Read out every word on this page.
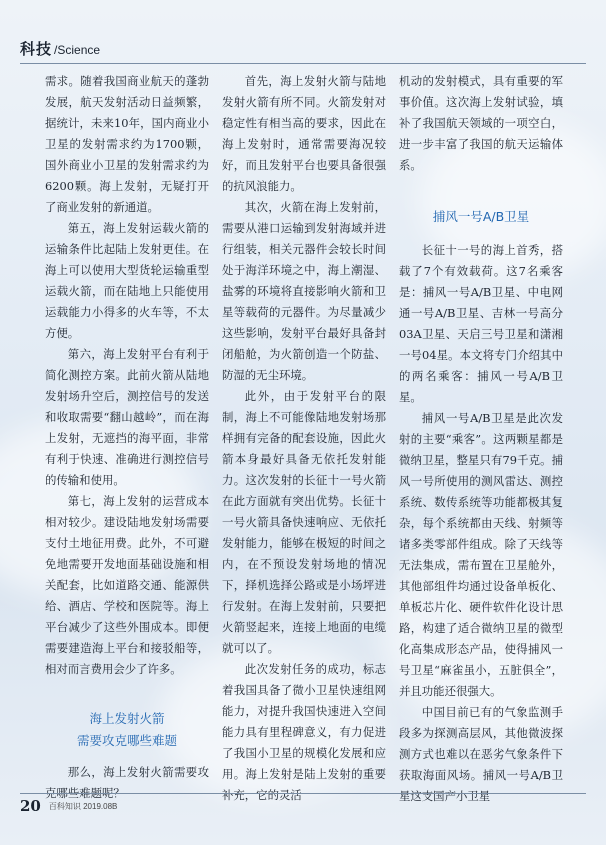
科技 /Science

需求。随着我国商业航天的蓬勃发展，航天发射活动日益频繁，据统计，未来10年，国内商业小卫星的发射需求约为1700颗，国外商业小卫星的发射需求约为6200颗。海上发射，无疑打开了商业发射的新通道。

第五，海上发射运载火箭的运输条件比起陆上发射更佳。在海上可以使用大型货轮运输重型运载火箭，而在陆地上只能使用运载能力小得多的火车等，不太方便。

第六，海上发射平台有利于简化测控方案。此前火箭从陆地发射场升空后，测控信号的发送和收取需要“翻山越岭”，而在海上发射，无遮挡的海平面，非常有利于快速、准确进行测控信号的传输和使用。

第七，海上发射的运营成本相对较少。建设陆地发射场需要支付土地征用费。此外，不可避免地需要开发地面基础设施和相关配套，比如道路交通、能源供给、酒店、学校和医院等。海上平台减少了这些外围成本。即便需要建造海上平台和接驳船等，相对而言费用会少了许多。

海上发射火箭
需要攻克哪些难题

那么，海上发射火箭需要攻克哪些难题呢？

首先，海上发射火箭与陆地发射火箭有所不同。火箭发射对稳定性有相当高的要求，因此在海上发射时，通常需要海况较好，而且发射平台也要具备很强的抗风浪能力。

其次，火箭在海上发射前，需要从港口运输到发射海域并进行组装，相关元器件会较长时间处于海洋环境之中，海上潮湿、盐雾的环境将直接影响火箭和卫星等载荷的元器件。为尽量减少这些影响，发射平台最好具备封闭船舱，为火箭创造一个防盐、防湿的无尘环境。

此外，由于发射平台的限制，海上不可能像陆地发射场那样拥有完备的配套设施，因此火箭本身最好具备无依托发射能力。这次发射的长征十一号火箭在此方面就有突出优势。长征十一号火箭具备快速响应、无依托发射能力，能够在极短的时间之内，在不预设发射场地的情况下，择机选择公路或是小场坪进行发射。在海上发射前，只要把火箭竖起来，连接上地面的电缆就可以了。

此次发射任务的成功，标志着我国具备了微小卫星快速组网能力，对提升我国快速进入空间能力具有里程碑意义，有力促进了我国小卫星的规模化发展和应用。海上发射是陆上发射的重要补充，它的灵活

机动的发射模式，具有重要的军事价值。这次海上发射试验，填补了我国航天领域的一项空白，进一步丰富了我国的航天运输体系。

捕风一号A/B卫星

长征十一号的海上首秀，搭载了7个有效载荷。这7名乘客是：捕风一号A/B卫星、中电网通一号A/B卫星、吉林一号高分03A卫星、天启三号卫星和潇湘一号04星。本文将专门介绍其中的两名乘客：捕风一号A/B卫星。

捕风一号A/B卫星是此次发射的主要“乘客”。这两颗星都是微纳卫星，整星只有79千克。捕风一号所使用的测风雷达、测控系统、数传系统等功能都极其复杂，每个系统都由天线、射频等诸多类零部件组成。除了天线等无法集成，需布置在卫星舱外，其他部组件均通过设备单板化、单板芯片化、硬件软件化设计思路，构建了适合微纳卫星的微型化高集成形态产品，使得捕风一号卫星“麻雀虽小，五脏俱全”，并且功能还很强大。

中国目前已有的气象监测手段多为探测高层风，其他微波探测方式也难以在恶劣气象条件下获取海面风场。捕风一号A/B卫星这支国产小卫星

20 百科知识 2019.08B
